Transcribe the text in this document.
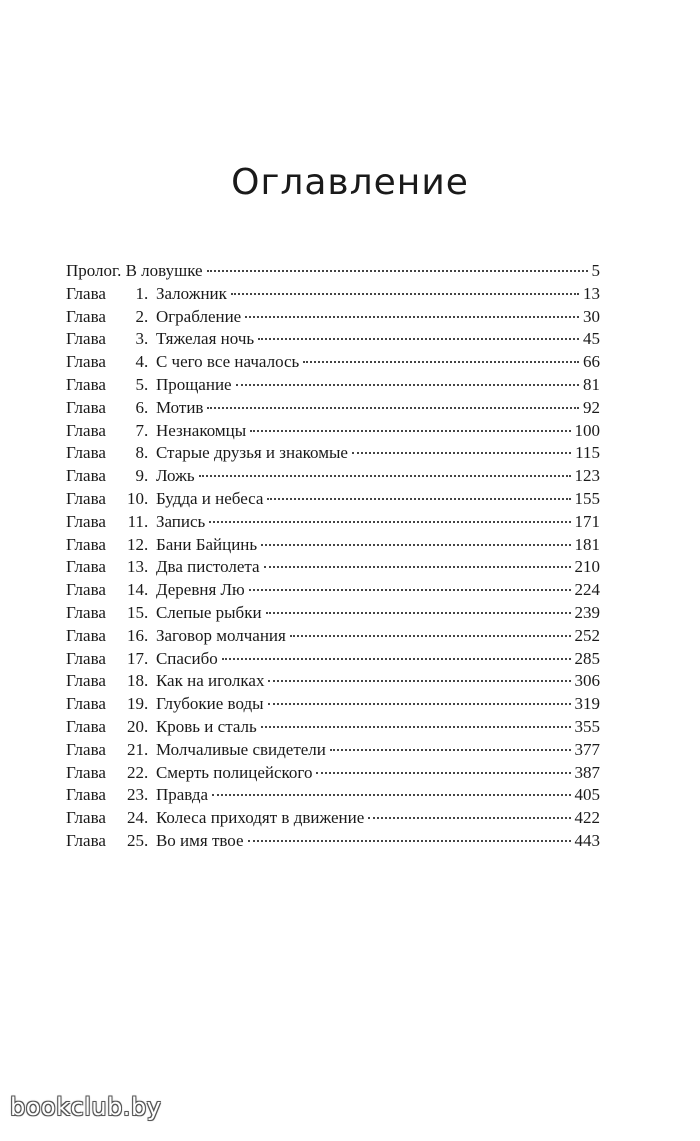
Оглавление
Пролог. В ловушке	5
Глава	1 . Заложник	13
Глава	2 . Ограбление	30
Глава	3 . Тяжелая ночь	45
Глава	4 . С чего все началось	66
Глава	5 . Прощание	81
Глава	6 . Мотив	92
Глава	7 . Незнакомцы	100
Глава	8 . Старые друзья и знакомые	115
Глава	9 . Ложь	123
Глава	10 . Будда и небеса	155
Глава	11 . Запись	171
Глава	12 . Бани Байцинь	181
Глава	13 . Два пистолета	210
Глава	14 . Деревня Лю	224
Глава	15 . Слепые рыбки	239
Глава	16 . Заговор молчания	252
Глава	17 . Спасибо	285
Глава	18 . Как на иголках	306
Глава	19 . Глубокие воды	319
Глава	20 . Кровь и сталь	355
Глава	21 . Молчаливые свидетели	377
Глава	22 . Смерть полицейского	387
Глава	23 . Правда	405
Глава	24 . Колеса приходят в движение	422
Глава	25 . Во имя твое	443
bookclub.by
